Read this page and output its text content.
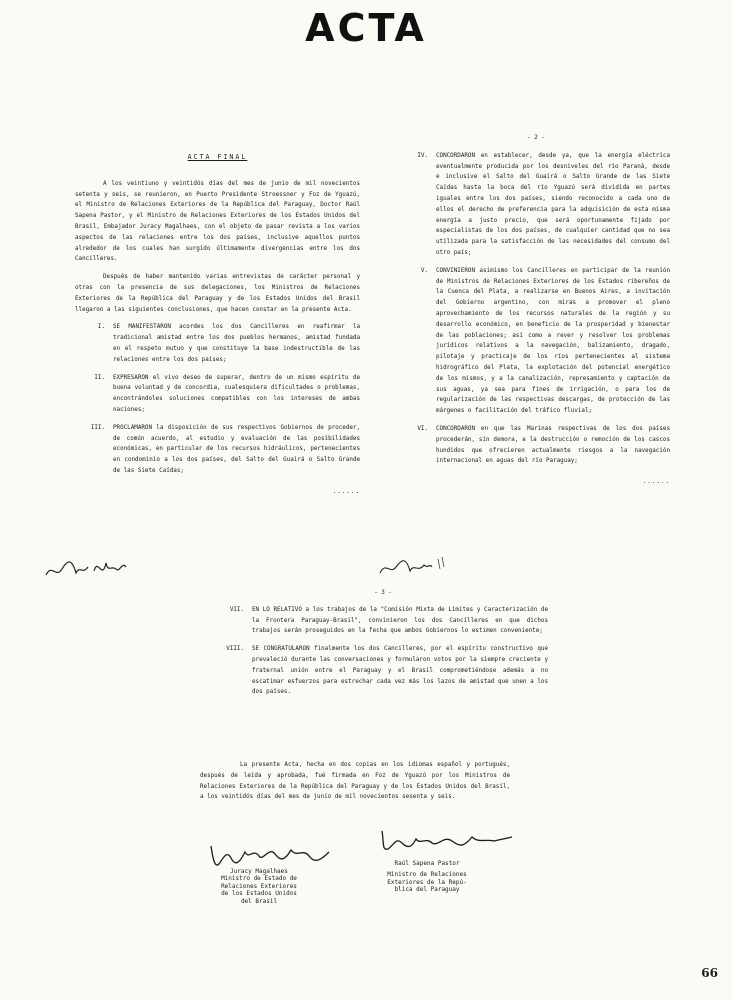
ACTA

ACTA FINAL

A los veintiuno y veintidós días del mes de junio de mil novecientos setenta y seis, se reunieron, en Puerto Presidente Stroessner y Foz de Yguazú, el Ministro de Relaciones Exteriores de la República del Paraguay, Doctor Raúl Sapena Pastor, y el Ministro de Relaciones Exteriores de los Estados Unidos del Brasil, Embajador Juracy Magalhaes, con el objeto de pasar revista a los varios aspectos de las relaciones entre los dos países, inclusive aquellos puntos alrededor de los cuales han surgido últimamente divergencias entre los dos Cancilleres.

Después de haber mantenido varias entrevistas de carácter personal y otras con la presencia de sus delegaciones, los Ministros de Relaciones Exteriores de la República del Paraguay y de los Estados Unidos del Brasil llegaron a las siguientes conclusiones, que hacen constar en la presente Acta.

I.	SE MANIFESTARON acordes los dos Cancilleres en reafirmar la tradicional amistad entre los dos pueblos hermanos, amistad fundada en el respeto mutuo y que constituye la base indestructible de las relaciones entre los dos países;
II.	EXPRESARON el vivo deseo de superar, dentro de un mismo espíritu de buena voluntad y de concordia, cualesquiera dificultades o problemas, encontrándoles soluciones compatibles con los intereses de ambas naciones;
III.	PROCLAMARON la disposición de sus respectivos Gobiernos de proceder, de común acuerdo, al estudio y evaluación de las posibilidades económicas, en particular de los recursos hidráulicos, pertenecientes en condominio a los dos países, del Salto del Guairá o Salto Grande de las Siete Caídas;

......

- 2 -

IV.	CONCORDARON en establecer, desde ya, que la energía eléctrica eventualmente producida por los desniveles del río Paraná, desde e inclusive el Salto del Guairá o Salto Grande de las Siete Caídas hasta la boca del río Yguazú será dividida en partes iguales entre los dos países, siendo reconocido a cada uno de ellos el derecho de preferencia para la adquisición de esta misma energía a justo precio, que será oportunamente fijado por especialistas de los dos países, de cualquier cantidad que no sea utilizada para la satisfacción de las necesidades del consumo del otro país;
V.	CONVINIERON asimismo los Cancilleres en participar de la reunión de Ministros de Relaciones Exteriores de los Estados ribereños de la Cuenca del Plata, a realizarse en Buenos Aires, a invitación del Gobierno argentino, con miras a promover el pleno aprovechamiento de los recursos naturales de la región y su desarrollo económico, en beneficio de la prosperidad y bienestar de las poblaciones; así como a rever y resolver los problemas jurídicos relativos a la navegación, balizamiento, dragado, pilotaje y practicaje de los ríos pertenecientes al sistema hidrográfico del Plata, la explotación del potencial energético de los mismos, y a la canalización, represamiento y captación de sus aguas, ya sea para fines de irrigación, o para los de regularización de las respectivas descargas, de protección de las márgenes o facilitación del tráfico fluvial;
VI.	CONCORDARON en que las Marinas respectivas de los dos países procederán, sin demora, a la destrucción o remoción de los cascos hundidos que ofrecieren actualmente riesgos a la navegación internacional en aguas del río Paraguay;

......

- 3 -

VII.	EN LO RELATIVO a los trabajos de la "Comisión Mixta de Límites y Caracterización de la Frontera Paraguay-Brasil", convinieron los dos Cancilleres en que dichos trabajos serán proseguidos en la fecha que ambos Gobiernos lo estimen conveniente;
VIII.	SE CONGRATULARON finalmente los dos Cancilleres, por el espíritu constructivo que prevaleció durante las conversaciones y formularon votos por la siempre creciente y fraternal unión entre el Paraguay y el Brasil comprometiéndose además a no escatimar esfuerzos para estrechar cada vez más los lazos de amistad que unen a los dos países.

La presente Acta, hecha en dos copias en los idiomas español y portugués, después de leída y aprobada, fué firmada en Foz de Yguazú por los Ministros de Relaciones Exteriores de la República del Paraguay y de los Estados Unidos del Brasil, a los veintidós días del mes de junio de mil novecientos sesenta y seis.

Juracy Magalhaes
Ministro de Estado de
Relaciones Exteriores
de los Estados Unidos
del Brasil
Raúl Sapena Pastor
Ministro de Relaciones
Exteriores de la Repú-
blica del Paraguay

66
